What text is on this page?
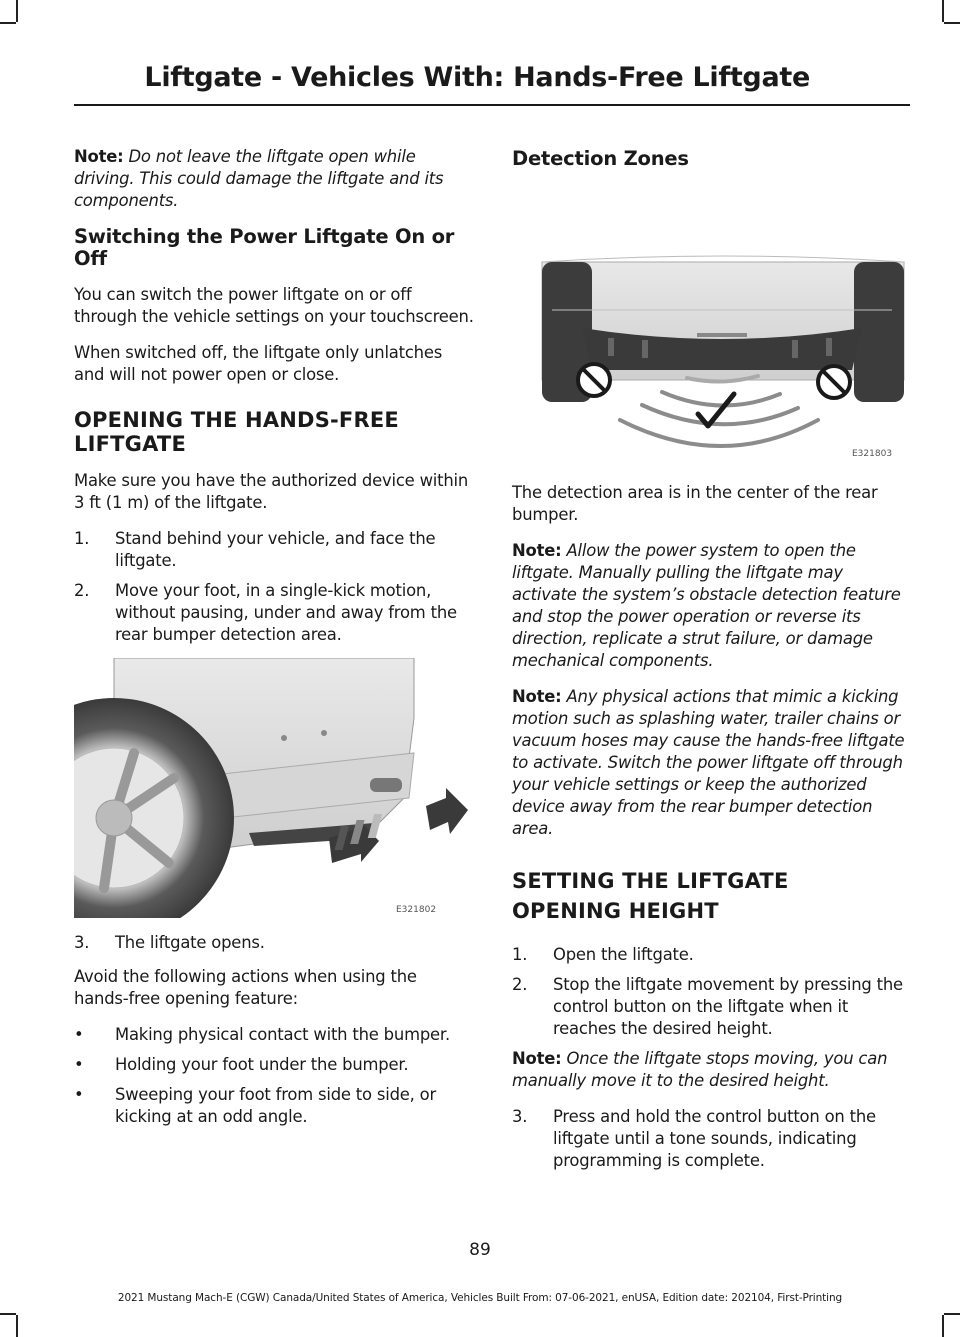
Liftgate - Vehicles With: Hands-Free Liftgate

Note: Do not leave the liftgate open while driving. This could damage the liftgate and its components.

Switching the Power Liftgate On or Off

You can switch the power liftgate on or off through the vehicle settings on your touchscreen.

When switched off, the liftgate only unlatches and will not power open or close.

OPENING THE HANDS-FREE LIFTGATE

Make sure you have the authorized device within 3 ft (1 m) of the liftgate.

1. Stand behind your vehicle, and face the liftgate.
2. Move your foot, in a single-kick motion, without pausing, under and away from the rear bumper detection area.
E321802
3. The liftgate opens.

Avoid the following actions when using the hands-free opening feature:

• Making physical contact with the bumper.
• Holding your foot under the bumper.
• Sweeping your foot from side to side, or kicking at an odd angle.
Detection Zones
E321803

The detection area is in the center of the rear bumper.

Note: Allow the power system to open the liftgate. Manually pulling the liftgate may activate the system’s obstacle detection feature and stop the power operation or reverse its direction, replicate a strut failure, or damage mechanical components.

Note: Any physical actions that mimic a kicking motion such as splashing water, trailer chains or vacuum hoses may cause the hands-free liftgate to activate. Switch the power liftgate off through your vehicle settings or keep the authorized device away from the rear bumper detection area.

SETTING THE LIFTGATE
OPENING HEIGHT
1. Open the liftgate.
2. Stop the liftgate movement by pressing the control button on the liftgate when it reaches the desired height.

Note: Once the liftgate stops moving, you can manually move it to the desired height.

3. Press and hold the control button on the liftgate until a tone sounds, indicating programming is complete.
89
2021 Mustang Mach-E (CGW) Canada/United States of America, Vehicles Built From: 07-06-2021, enUSA, Edition date: 202104, First-Printing
